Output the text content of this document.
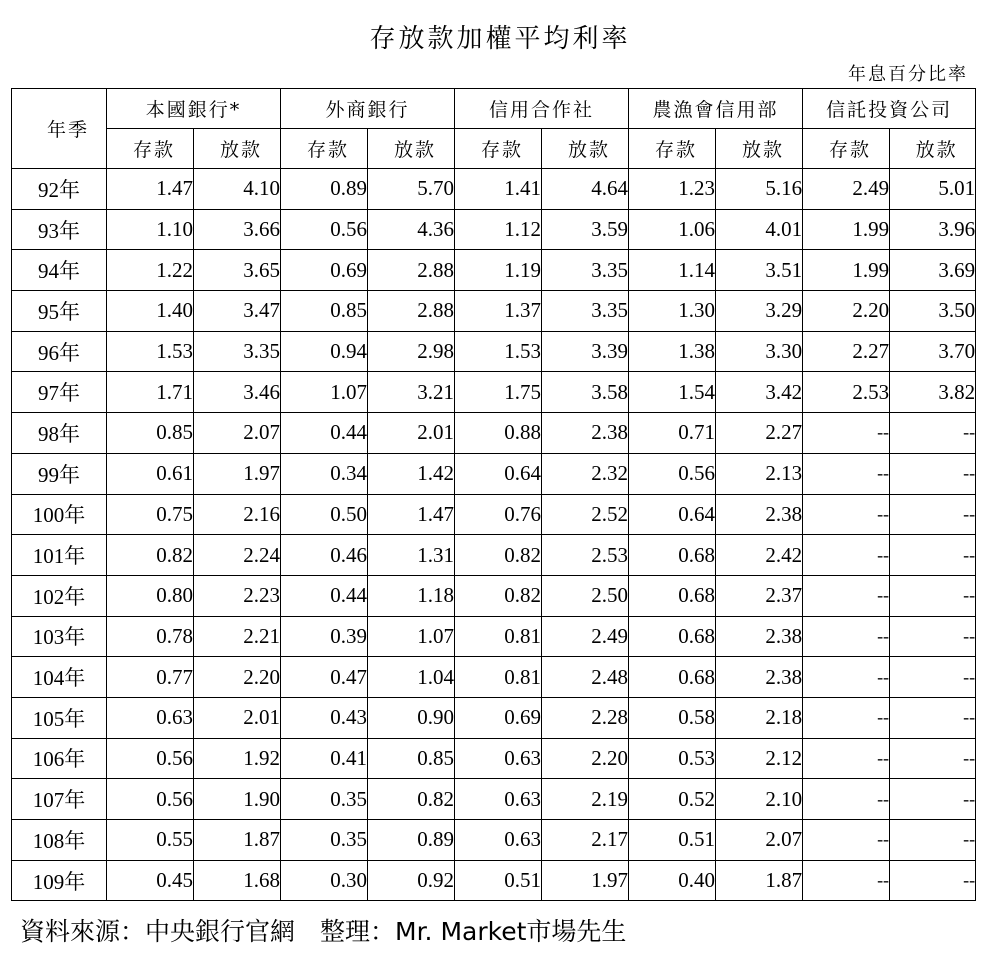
存放款加權平均利率
年息百分比率
年季	本國銀行*		外商銀行		信用合作社		農漁會信用部		信託投資公司	
	存款	放款	存款	放款	存款	放款	存款	放款	存款	放款
92年	1.47	4.10	0.89	5.70	1.41	4.64	1.23	5.16	2.49	5.01
93年	1.10	3.66	0.56	4.36	1.12	3.59	1.06	4.01	1.99	3.96
94年	1.22	3.65	0.69	2.88	1.19	3.35	1.14	3.51	1.99	3.69
95年	1.40	3.47	0.85	2.88	1.37	3.35	1.30	3.29	2.20	3.50
96年	1.53	3.35	0.94	2.98	1.53	3.39	1.38	3.30	2.27	3.70
97年	1.71	3.46	1.07	3.21	1.75	3.58	1.54	3.42	2.53	3.82
98年	0.85	2.07	0.44	2.01	0.88	2.38	0.71	2.27	--	--
99年	0.61	1.97	0.34	1.42	0.64	2.32	0.56	2.13	--	--
100年	0.75	2.16	0.50	1.47	0.76	2.52	0.64	2.38	--	--
101年	0.82	2.24	0.46	1.31	0.82	2.53	0.68	2.42	--	--
102年	0.80	2.23	0.44	1.18	0.82	2.50	0.68	2.37	--	--
103年	0.78	2.21	0.39	1.07	0.81	2.49	0.68	2.38	--	--
104年	0.77	2.20	0.47	1.04	0.81	2.48	0.68	2.38	--	--
105年	0.63	2.01	0.43	0.90	0.69	2.28	0.58	2.18	--	--
106年	0.56	1.92	0.41	0.85	0.63	2.20	0.53	2.12	--	--
107年	0.56	1.90	0.35	0.82	0.63	2.19	0.52	2.10	--	--
108年	0.55	1.87	0.35	0.89	0.63	2.17	0.51	2.07	--	--
109年	0.45	1.68	0.30	0.92	0.51	1.97	0.40	1.87	--	--
資料來源：中央銀行官網　整理：Mr. Market市場先生
